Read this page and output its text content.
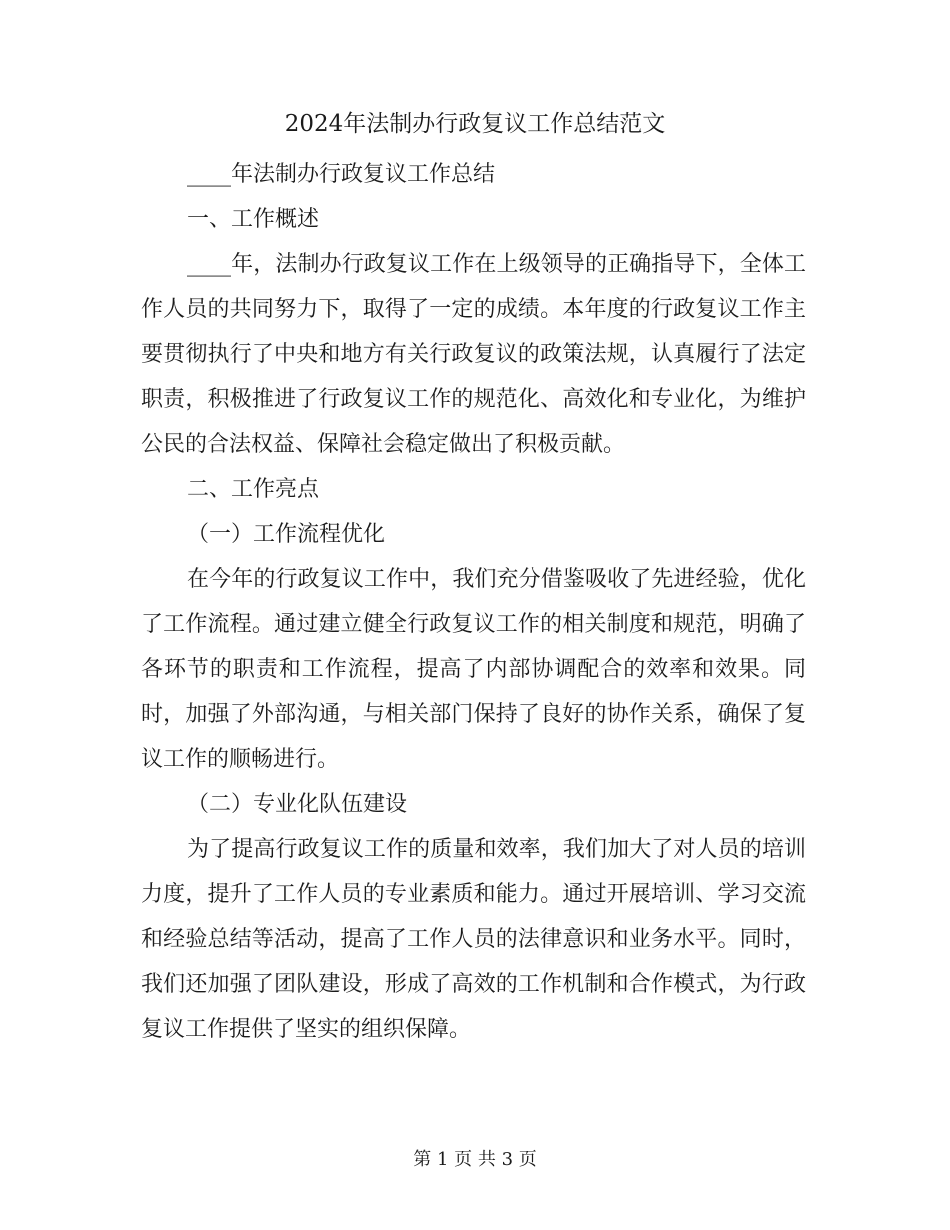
2024年法制办行政复议工作总结范文

____年法制办行政复议工作总结

一、工作概述

____年，法制办行政复议工作在上级领导的正确指导下，全体工作人员的共同努力下，取得了一定的成绩。本年度的行政复议工作主要贯彻执行了中央和地方有关行政复议的政策法规，认真履行了法定职责，积极推进了行政复议工作的规范化、高效化和专业化，为维护公民的合法权益、保障社会稳定做出了积极贡献。

二、工作亮点

（一）工作流程优化

在今年的行政复议工作中，我们充分借鉴吸收了先进经验，优化了工作流程。通过建立健全行政复议工作的相关制度和规范，明确了各环节的职责和工作流程，提高了内部协调配合的效率和效果。同时，加强了外部沟通，与相关部门保持了良好的协作关系，确保了复议工作的顺畅进行。

（二）专业化队伍建设

为了提高行政复议工作的质量和效率，我们加大了对人员的培训力度，提升了工作人员的专业素质和能力。通过开展培训、学习交流和经验总结等活动，提高了工作人员的法律意识和业务水平。同时，我们还加强了团队建设，形成了高效的工作机制和合作模式，为行政复议工作提供了坚实的组织保障。

第 1 页 共 3 页
